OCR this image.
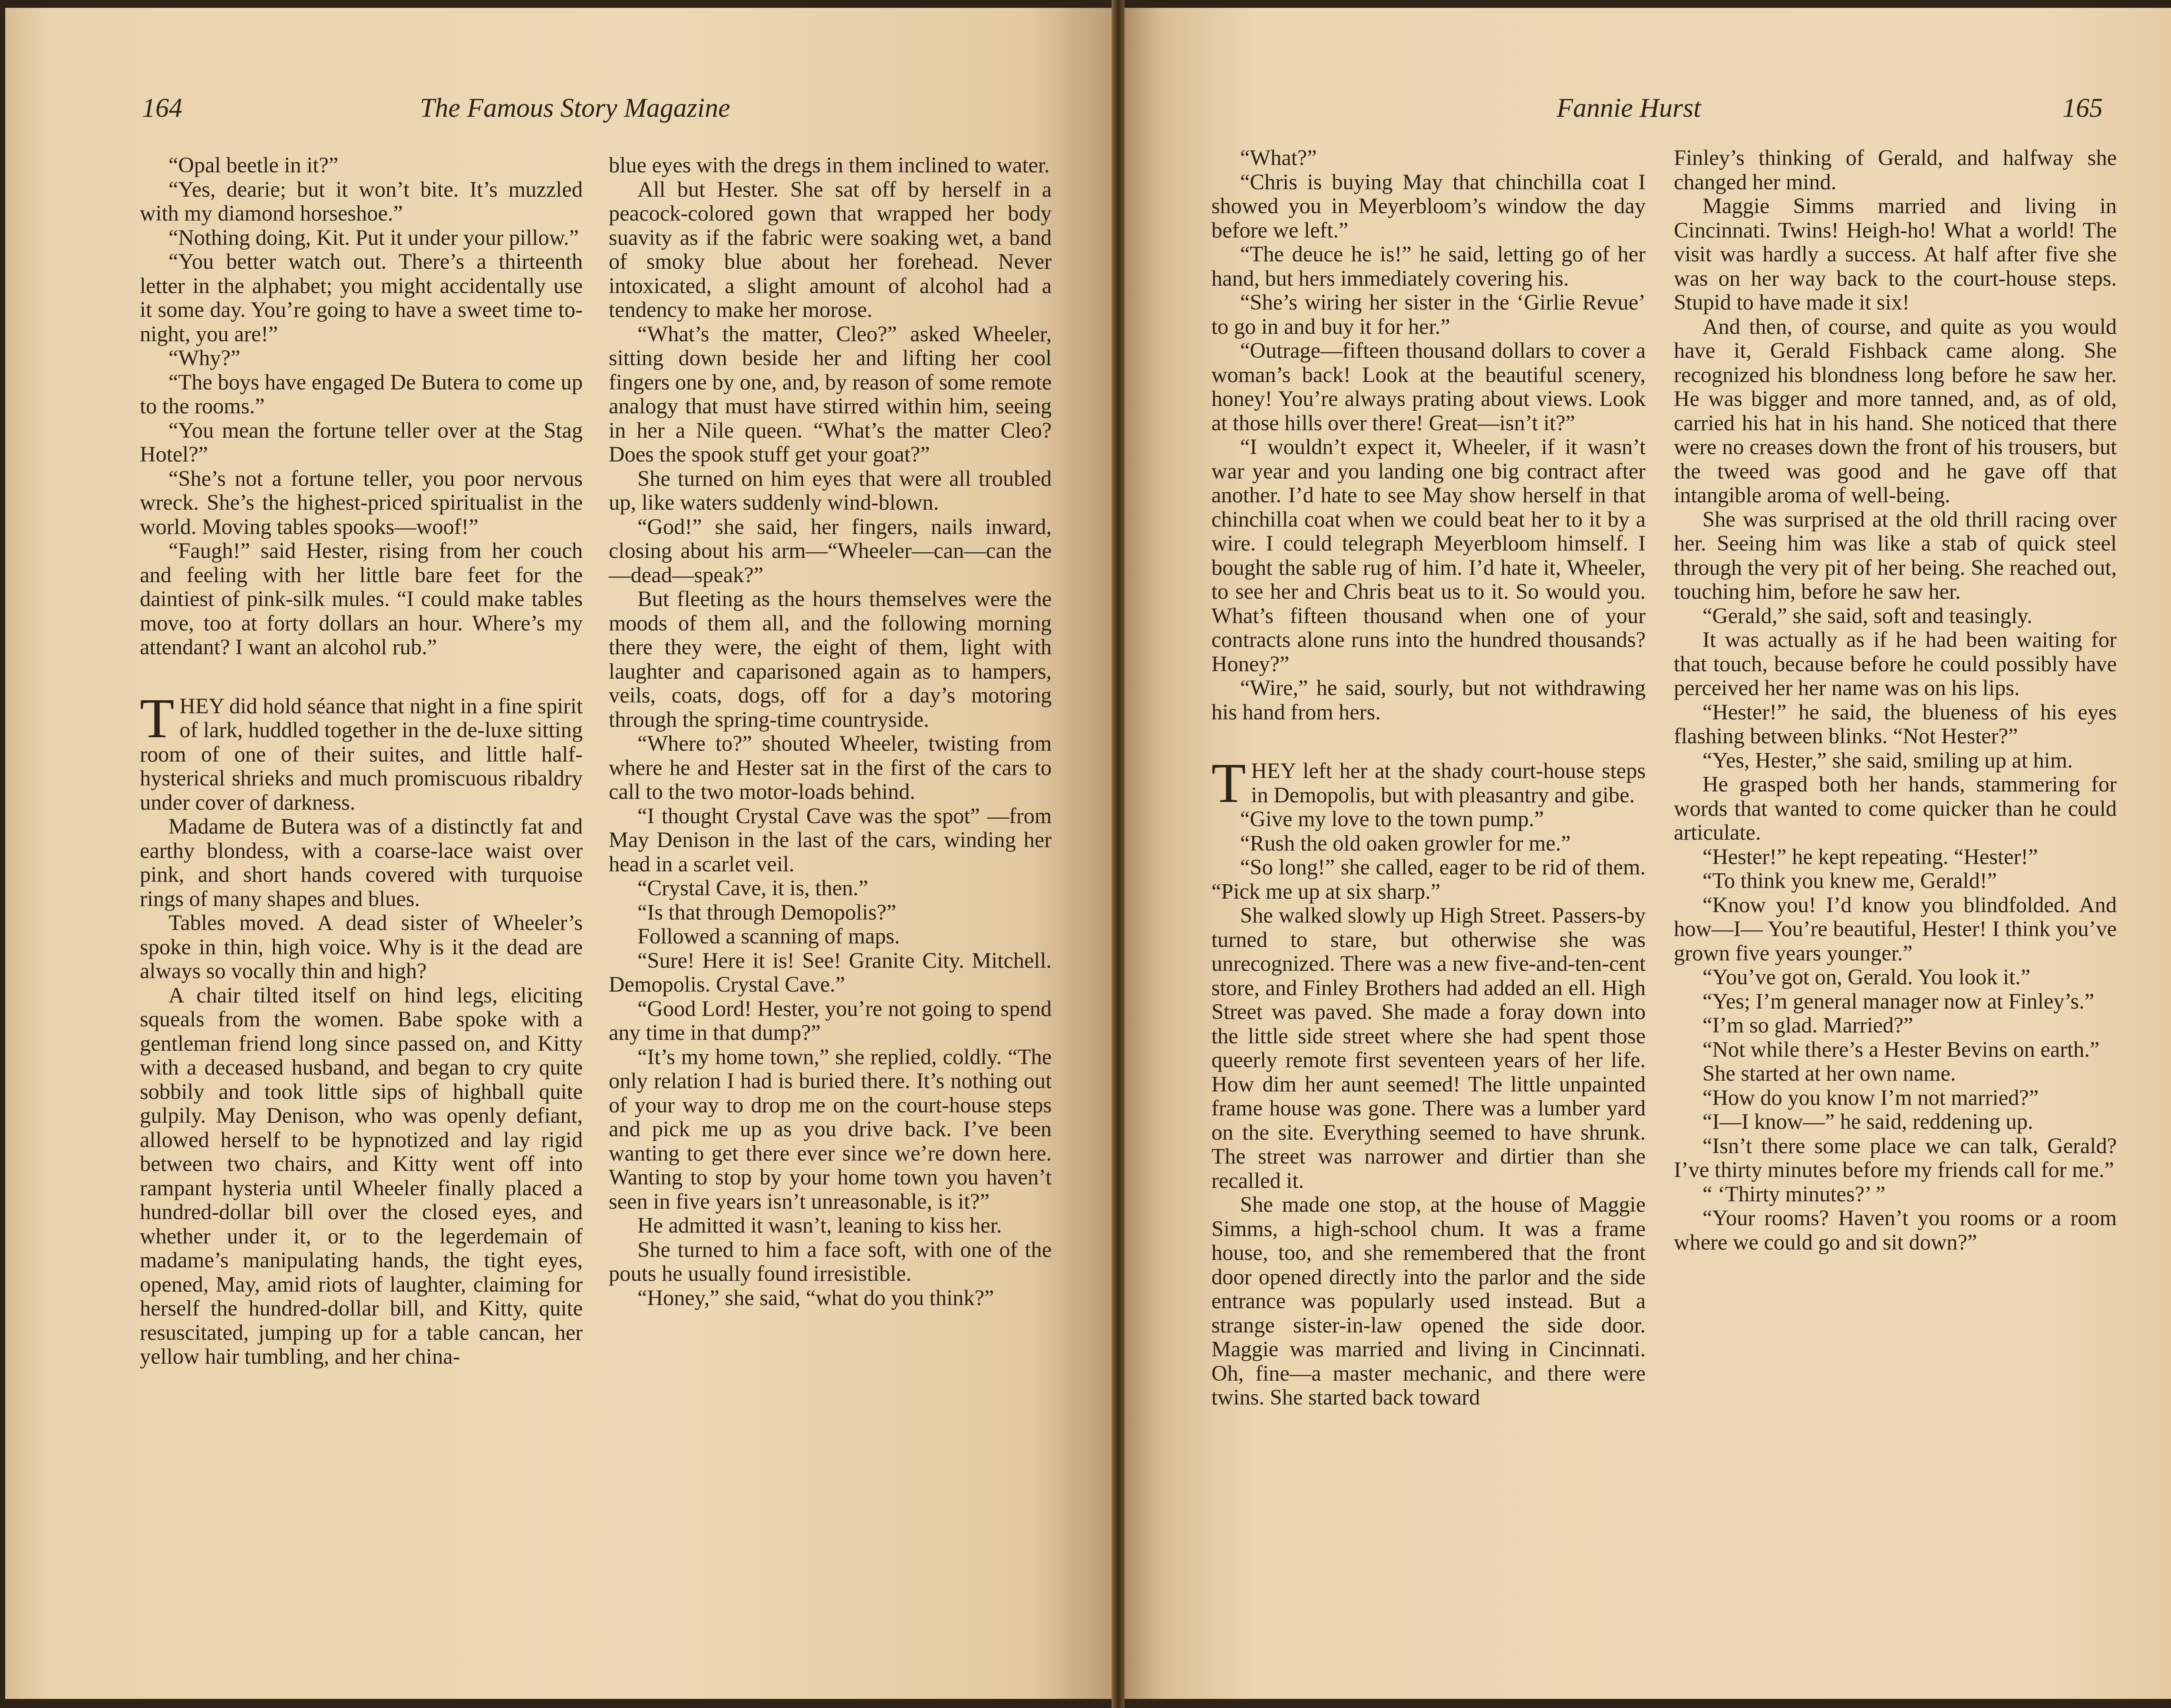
164	The Famous Story Magazine

“Opal beetle in it?”

“Yes, dearie; but it won’t bite. It’s muzzled with my diamond horseshoe.”

“Nothing doing, Kit. Put it under your pillow.”

“You better watch out. There’s a thirteenth letter in the alphabet; you might accidentally use it some day. You’re going to have a sweet time to-night, you are!”

“Why?”

“The boys have engaged De Butera to come up to the rooms.”

“You mean the fortune teller over at the Stag Hotel?”

“She’s not a fortune teller, you poor nervous wreck. She’s the highest-priced spiritualist in the world. Moving tables spooks—woof!”

“Faugh!” said Hester, rising from her couch and feeling with her little bare feet for the daintiest of pink-silk mules. “I could make tables move, too at forty dollars an hour. Where’s my attendant? I want an alcohol rub.”

THEY did hold séance that night in a fine spirit of lark, huddled together in the de-luxe sitting room of one of their suites, and little half-hysterical shrieks and much promiscuous ribaldry under cover of darkness.

Madame de Butera was of a distinctly fat and earthy blondess, with a coarse-lace waist over pink, and short hands covered with turquoise rings of many shapes and blues.

Tables moved. A dead sister of Wheeler’s spoke in thin, high voice. Why is it the dead are always so vocally thin and high?

A chair tilted itself on hind legs, eliciting squeals from the women. Babe spoke with a gentleman friend long since passed on, and Kitty with a deceased husband, and began to cry quite sobbily and took little sips of highball quite gulpily. May Denison, who was openly defiant, allowed herself to be hypnotized and lay rigid between two chairs, and Kitty went off into rampant hysteria until Wheeler finally placed a hundred-dollar bill over the closed eyes, and whether under it, or to the legerdemain of madame’s manipulating hands, the tight eyes, opened, May, amid riots of laughter, claiming for herself the hundred-dollar bill, and Kitty, quite resuscitated, jumping up for a table cancan, her yellow hair tumbling, and her china-

blue eyes with the dregs in them inclined to water.

All but Hester. She sat off by herself in a peacock-colored gown that wrapped her body suavity as if the fabric were soaking wet, a band of smoky blue about her forehead. Never intoxicated, a slight amount of alcohol had a tendency to make her morose.

“What’s the matter, Cleo?” asked Wheeler, sitting down beside her and lifting her cool fingers one by one, and, by reason of some remote analogy that must have stirred within him, seeing in her a Nile queen. “What’s the matter Cleo? Does the spook stuff get your goat?”

She turned on him eyes that were all troubled up, like waters suddenly wind-blown.

“God!” she said, her fingers, nails inward, closing about his arm—“Wheeler—can—can the—dead—speak?”

But fleeting as the hours themselves were the moods of them all, and the following morning there they were, the eight of them, light with laughter and caparisoned again as to hampers, veils, coats, dogs, off for a day’s motoring through the spring-time countryside.

“Where to?” shouted Wheeler, twisting from where he and Hester sat in the first of the cars to call to the two motor-loads behind.

“I thought Crystal Cave was the spot” —from May Denison in the last of the cars, winding her head in a scarlet veil.

“Crystal Cave, it is, then.”

“Is that through Demopolis?”

Followed a scanning of maps.

“Sure! Here it is! See! Granite City. Mitchell. Demopolis. Crystal Cave.”

“Good Lord! Hester, you’re not going to spend any time in that dump?”

“It’s my home town,” she replied, coldly. “The only relation I had is buried there. It’s nothing out of your way to drop me on the court-house steps and pick me up as you drive back. I’ve been wanting to get there ever since we’re down here. Wanting to stop by your home town you haven’t seen in five years isn’t unreasonable, is it?”

He admitted it wasn’t, leaning to kiss her.

She turned to him a face soft, with one of the pouts he usually found irresistible.

“Honey,” she said, “what do you think?”

Fannie Hurst	165

“What?”

“Chris is buying May that chinchilla coat I showed you in Meyerbloom’s window the day before we left.”

“The deuce he is!” he said, letting go of her hand, but hers immediately covering his.

“She’s wiring her sister in the ‘Girlie Revue’ to go in and buy it for her.”

“Outrage—fifteen thousand dollars to cover a woman’s back! Look at the beautiful scenery, honey! You’re always prating about views. Look at those hills over there! Great—isn’t it?”

“I wouldn’t expect it, Wheeler, if it wasn’t war year and you landing one big contract after another. I’d hate to see May show herself in that chinchilla coat when we could beat her to it by a wire. I could telegraph Meyerbloom himself. I bought the sable rug of him. I’d hate it, Wheeler, to see her and Chris beat us to it. So would you. What’s fifteen thousand when one of your contracts alone runs into the hundred thousands? Honey?”

“Wire,” he said, sourly, but not withdrawing his hand from hers.

THEY left her at the shady court-house steps in Demopolis, but with pleasantry and gibe.

“Give my love to the town pump.”

“Rush the old oaken growler for me.”

“So long!” she called, eager to be rid of them. “Pick me up at six sharp.”

She walked slowly up High Street. Passers-by turned to stare, but otherwise she was unrecognized. There was a new five-and-ten-cent store, and Finley Brothers had added an ell. High Street was paved. She made a foray down into the little side street where she had spent those queerly remote first seventeen years of her life. How dim her aunt seemed! The little unpainted frame house was gone. There was a lumber yard on the site. Everything seemed to have shrunk. The street was narrower and dirtier than she recalled it.

She made one stop, at the house of Maggie Simms, a high-school chum. It was a frame house, too, and she remembered that the front door opened directly into the parlor and the side entrance was popularly used instead. But a strange sister-in-law opened the side door. Maggie was married and living in Cincinnati. Oh, fine—a master mechanic, and there were twins. She started back toward

Finley’s thinking of Gerald, and halfway she changed her mind.

Maggie Simms married and living in Cincinnati. Twins! Heigh-ho! What a world! The visit was hardly a success. At half after five she was on her way back to the court-house steps. Stupid to have made it six!

And then, of course, and quite as you would have it, Gerald Fishback came along. She recognized his blondness long before he saw her. He was bigger and more tanned, and, as of old, carried his hat in his hand. She noticed that there were no creases down the front of his trousers, but the tweed was good and he gave off that intangible aroma of well-being.

She was surprised at the old thrill racing over her. Seeing him was like a stab of quick steel through the very pit of her being. She reached out, touching him, before he saw her.

“Gerald,” she said, soft and teasingly.

It was actually as if he had been waiting for that touch, because before he could possibly have perceived her her name was on his lips.

“Hester!” he said, the blueness of his eyes flashing between blinks. “Not Hester?”

“Yes, Hester,” she said, smiling up at him.

He grasped both her hands, stammering for words that wanted to come quicker than he could articulate.

“Hester!” he kept repeating. “Hester!”

“To think you knew me, Gerald!”

“Know you! I’d know you blindfolded. And how—I— You’re beautiful, Hester! I think you’ve grown five years younger.”

“You’ve got on, Gerald. You look it.”

“Yes; I’m general manager now at Finley’s.”

“I’m so glad. Married?”

“Not while there’s a Hester Bevins on earth.”

She started at her own name.

“How do you know I’m not married?”

“I—I know—” he said, reddening up.

“Isn’t there some place we can talk, Gerald? I’ve thirty minutes before my friends call for me.”

“ ‘Thirty minutes?’ ”

“Your rooms? Haven’t you rooms or a room where we could go and sit down?”
